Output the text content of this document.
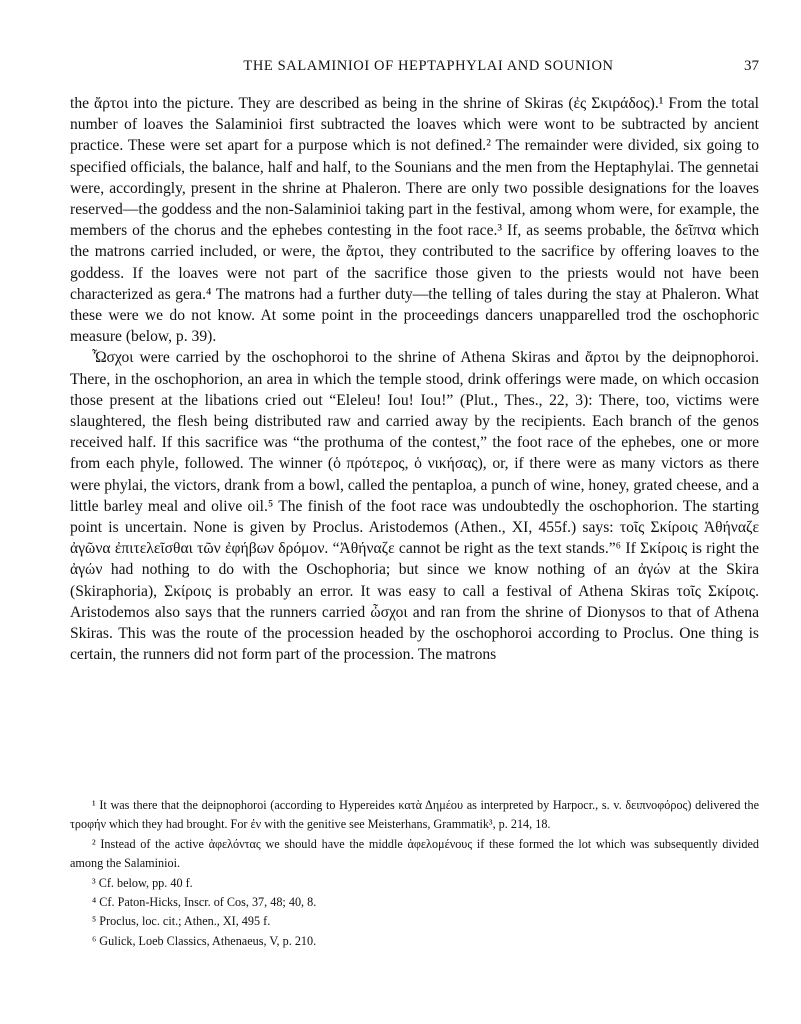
THE SALAMINIOI OF HEPTAPHYLAI AND SOUNION	37

the ἄρτοι into the picture. They are described as being in the shrine of Skiras (ἐς Σκιράδος).¹ From the total number of loaves the Salaminioi first subtracted the loaves which were wont to be subtracted by ancient practice. These were set apart for a purpose which is not defined.² The remainder were divided, six going to specified officials, the balance, half and half, to the Sounians and the men from the Heptaphylai. The gennetai were, accordingly, present in the shrine at Phaleron. There are only two possible designations for the loaves reserved—the goddess and the non-Salaminioi taking part in the festival, among whom were, for example, the members of the chorus and the ephebes contesting in the foot race.³ If, as seems probable, the δεῖπνα which the matrons carried included, or were, the ἄρτοι, they contributed to the sacrifice by offering loaves to the goddess. If the loaves were not part of the sacrifice those given to the priests would not have been characterized as gera.⁴ The matrons had a further duty—the telling of tales during the stay at Phaleron. What these were we do not know. At some point in the proceedings dancers unapparelled trod the oschophoric measure (below, p. 39).

Ὦσχοι were carried by the oschophoroi to the shrine of Athena Skiras and ἄρτοι by the deipnophoroi. There, in the oschophorion, an area in which the temple stood, drink offerings were made, on which occasion those present at the libations cried out “Eleleu! Iou! Iou!” (Plut., Thes., 22, 3): There, too, victims were slaughtered, the flesh being distributed raw and carried away by the recipients. Each branch of the genos received half. If this sacrifice was “the prothuma of the contest,” the foot race of the ephebes, one or more from each phyle, followed. The winner (ὁ πρότερος, ὁ νικήσας), or, if there were as many victors as there were phylai, the victors, drank from a bowl, called the pentaploa, a punch of wine, honey, grated cheese, and a little barley meal and olive oil.⁵ The finish of the foot race was undoubtedly the oschophorion. The starting point is uncertain. None is given by Proclus. Aristodemos (Athen., XI, 455f.) says: τοῖς Σκίροις Ἀθήναζε ἀγῶνα ἐπιτελεῖσθαι τῶν ἐφήβων δρόμον. “Ἀθήναζε cannot be right as the text stands.”⁶ If Σκίροις is right the ἀγών had nothing to do with the Oschophoria; but since we know nothing of an ἀγών at the Skira (Skiraphoria), Σκίροις is probably an error. It was easy to call a festival of Athena Skiras τοῖς Σκίροις. Aristodemos also says that the runners carried ὦσχοι and ran from the shrine of Dionysos to that of Athena Skiras. This was the route of the procession headed by the oschophoroi according to Proclus. One thing is certain, the runners did not form part of the procession. The matrons

¹ It was there that the deipnophoroi (according to Hypereides κατὰ Δημέου as interpreted by Harpocr., s. v. δειπνοφόρος) delivered the τροφήν which they had brought. For ἐν with the genitive see Meisterhans, Grammatik³, p. 214, 18.

² Instead of the active ἀφελόντας we should have the middle ἀφελομένους if these formed the lot which was subsequently divided among the Salaminioi.

³ Cf. below, pp. 40 f.

⁴ Cf. Paton-Hicks, Inscr. of Cos, 37, 48; 40, 8.

⁵ Proclus, loc. cit.; Athen., XI, 495 f.

⁶ Gulick, Loeb Classics, Athenaeus, V, p. 210.
